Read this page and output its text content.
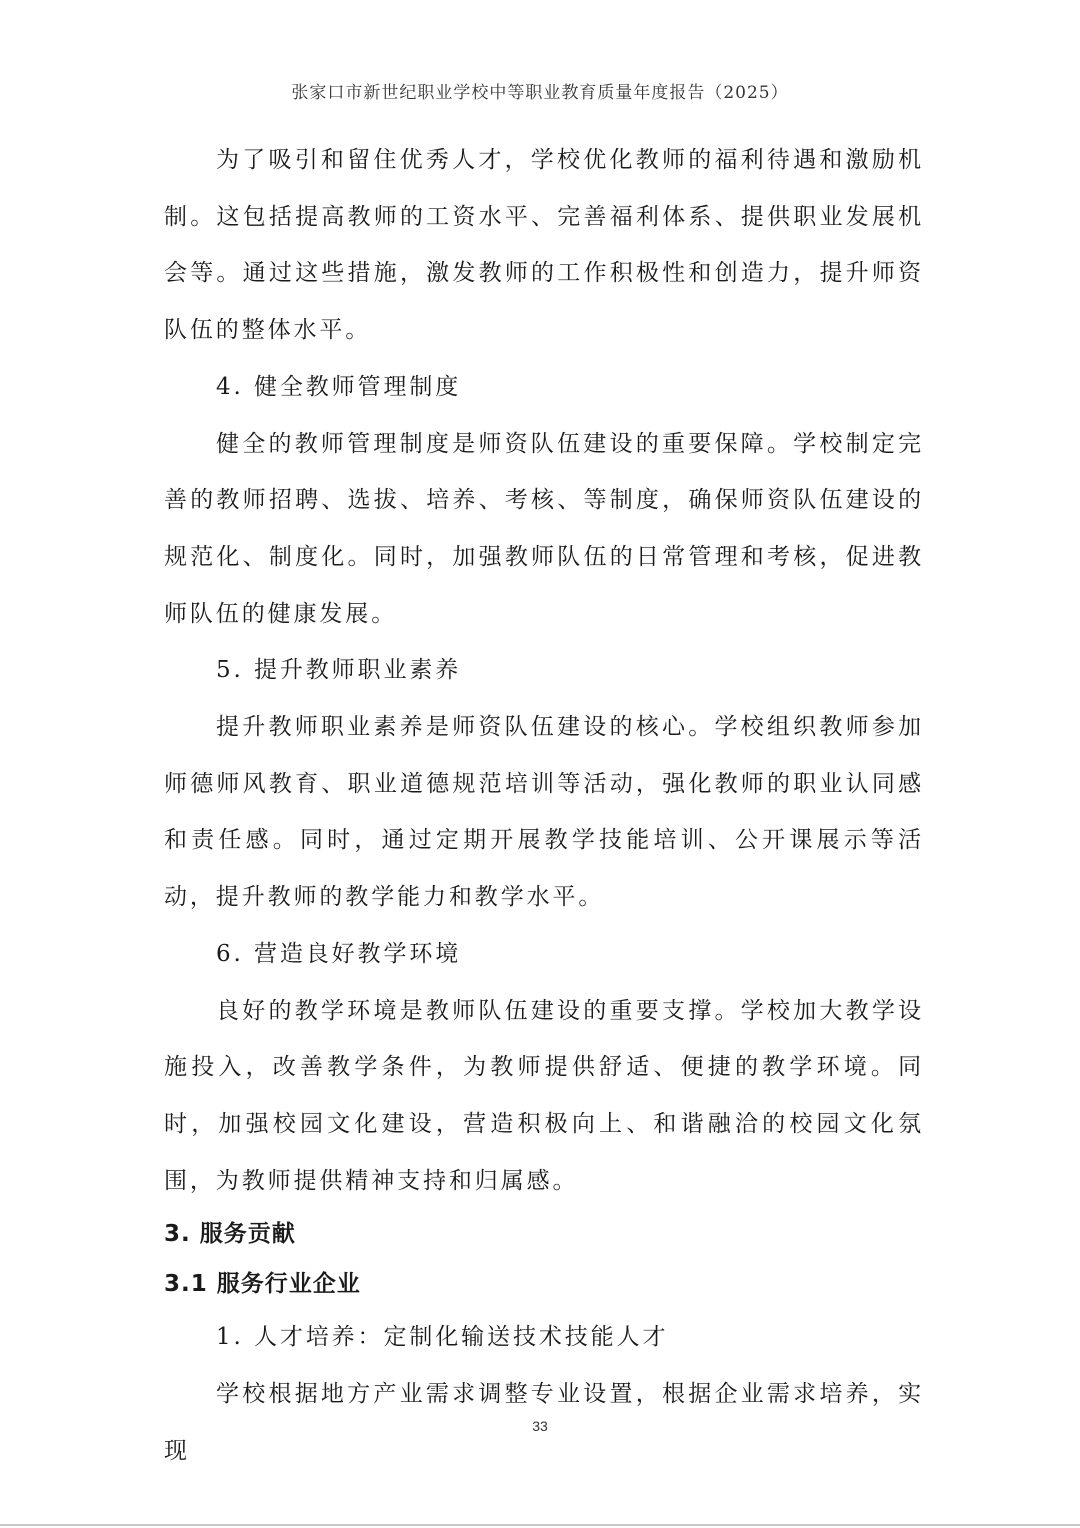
张家口市新世纪职业学校中等职业教育质量年度报告（2025）

为了吸引和留住优秀人才，学校优化教师的福利待遇和激励机制。这包括提高教师的工资水平、完善福利体系、提供职业发展机会等。通过这些措施，激发教师的工作积极性和创造力，提升师资队伍的整体水平。

4. 健全教师管理制度

健全的教师管理制度是师资队伍建设的重要保障。学校制定完善的教师招聘、选拔、培养、考核、等制度，确保师资队伍建设的规范化、制度化。同时，加强教师队伍的日常管理和考核，促进教师队伍的健康发展。

5. 提升教师职业素养

提升教师职业素养是师资队伍建设的核心。学校组织教师参加师德师风教育、职业道德规范培训等活动，强化教师的职业认同感和责任感。同时，通过定期开展教学技能培训、公开课展示等活动，提升教师的教学能力和教学水平。

6. 营造良好教学环境

良好的教学环境是教师队伍建设的重要支撑。学校加大教学设施投入，改善教学条件，为教师提供舒适、便捷的教学环境。同时，加强校园文化建设，营造积极向上、和谐融洽的校园文化氛围，为教师提供精神支持和归属感。

3. 服务贡献

3.1 服务行业企业

1. 人才培养：定制化输送技术技能人才

学校根据地方产业需求调整专业设置，根据企业需求培养，实现

33
